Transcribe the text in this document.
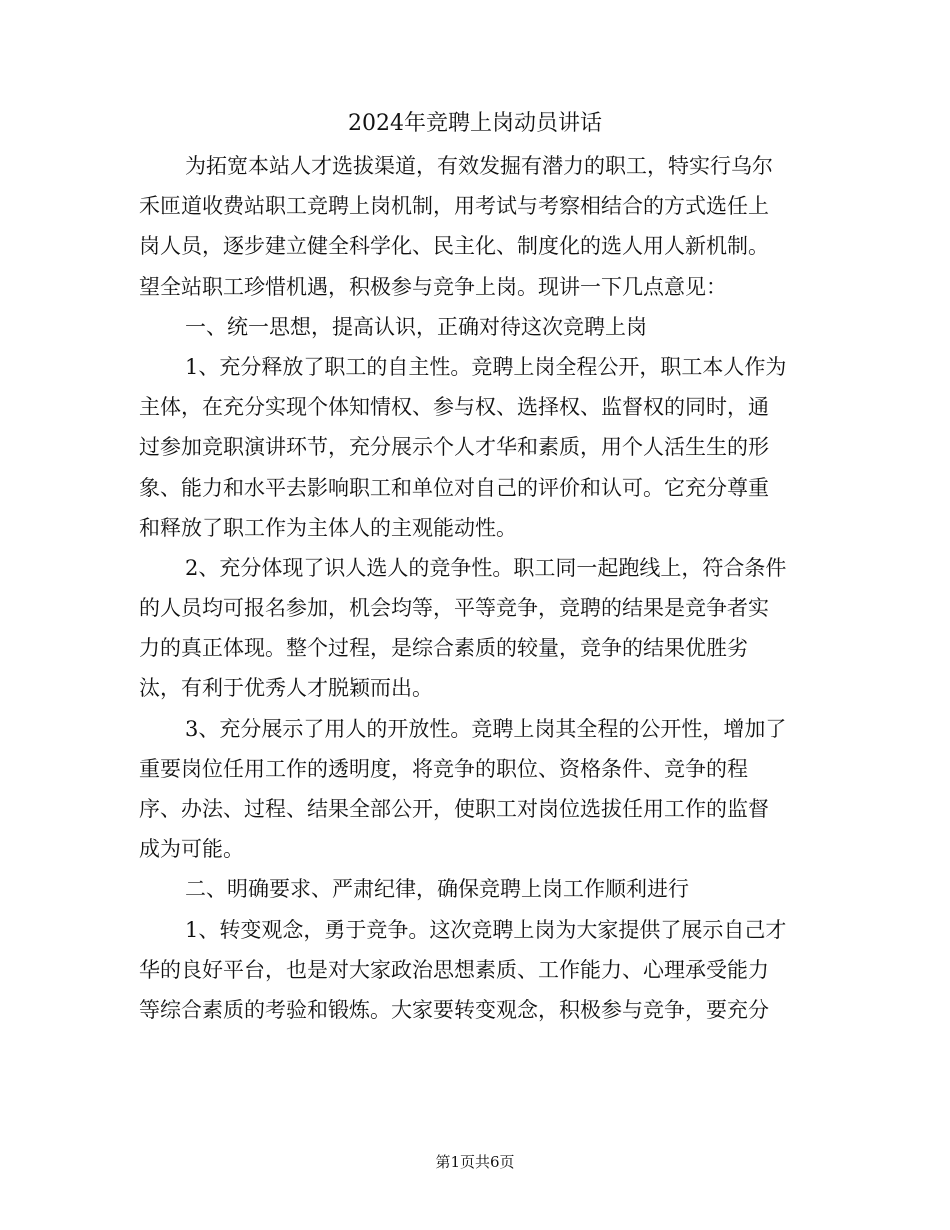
2024年竞聘上岗动员讲话
为拓宽本站人才选拔渠道，有效发掘有潜力的职工，特实行乌尔
禾匝道收费站职工竞聘上岗机制，用考试与考察相结合的方式选任上
岗人员，逐步建立健全科学化、民主化、制度化的选人用人新机制。
望全站职工珍惜机遇，积极参与竞争上岗。现讲一下几点意见：
一、统一思想，提高认识，正确对待这次竞聘上岗
1、充分释放了职工的自主性。竞聘上岗全程公开，职工本人作为
主体，在充分实现个体知情权、参与权、选择权、监督权的同时，通
过参加竞职演讲环节，充分展示个人才华和素质，用个人活生生的形
象、能力和水平去影响职工和单位对自己的评价和认可。它充分尊重
和释放了职工作为主体人的主观能动性。
2、充分体现了识人选人的竞争性。职工同一起跑线上，符合条件
的人员均可报名参加，机会均等，平等竞争，竞聘的结果是竞争者实
力的真正体现。整个过程，是综合素质的较量，竞争的结果优胜劣
汰，有利于优秀人才脱颖而出。
3、充分展示了用人的开放性。竞聘上岗其全程的公开性，增加了
重要岗位任用工作的透明度，将竞争的职位、资格条件、竞争的程
序、办法、过程、结果全部公开，使职工对岗位选拔任用工作的监督
成为可能。
二、明确要求、严肃纪律，确保竞聘上岗工作顺利进行
1、转变观念，勇于竞争。这次竞聘上岗为大家提供了展示自己才
华的良好平台，也是对大家政治思想素质、工作能力、心理承受能力
等综合素质的考验和锻炼。大家要转变观念，积极参与竞争，要充分
第1页共6页
